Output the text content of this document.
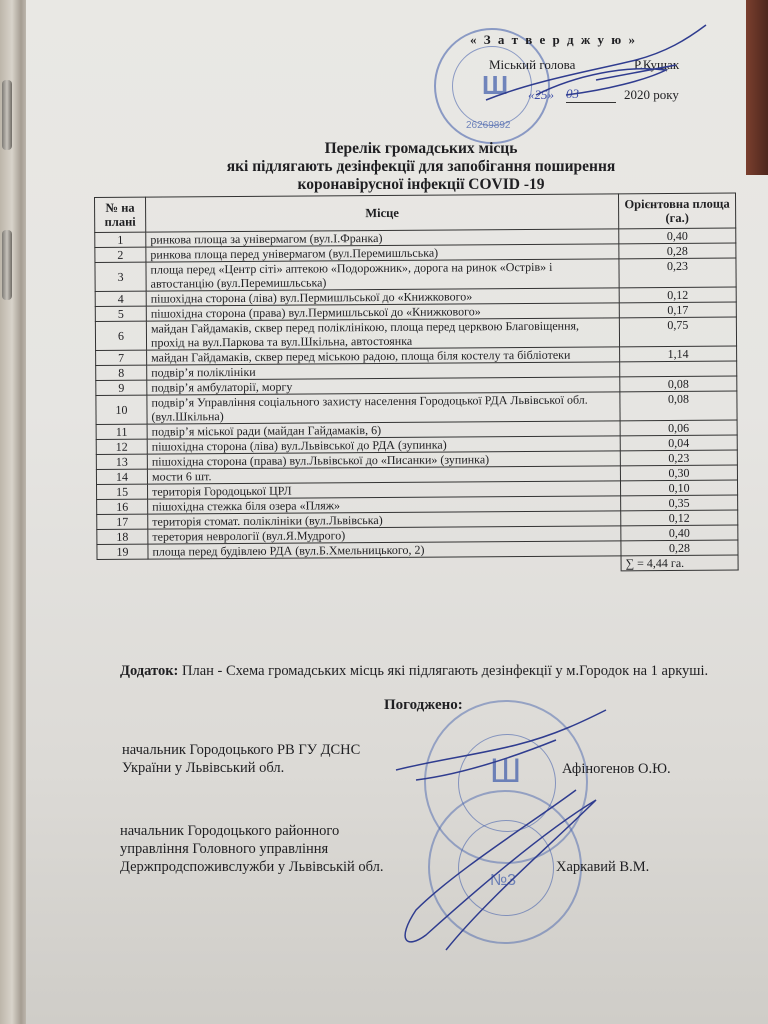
Ш
26269892
« З а т в е р д ж у ю »
Міський голова	Р.Кущак
«25» 03	2020 року
Перелік громадських місць
які підлягають дезінфекції для запобігання поширення
коронавірусної інфекції COVID -19
№ на плані	Місце	Орієнтовна площа (га.)
1	ринкова площа за універмагом (вул.І.Франка)	0,40
2	ринкова площа перед універмагом (вул.Перемишльська)	0,28
3	площа перед «Центр сіті» аптекою «Подорожник», дорога на ринок «Острів» і автостанцію (вул.Перемишльська)	0,23
4	пішохідна сторона (ліва) вул.Пермишльської до «Книжкового»	0,12
5	пішохідна сторона (права) вул.Пермишльської до «Книжкового»	0,17
6	майдан Гайдамаків, сквер перед поліклінікою, площа перед церквою Благовіщення, прохід на вул.Паркова та вул.Шкільна, автостоянка	0,75
7	майдан Гайдамаків, сквер перед міською радою, площа біля костелу та бібліотеки	1,14
8	подвір’я поліклініки	
9	подвір’я амбулаторії, моргу	0,08
10	подвір’я Управління соціального захисту населення Городоцької РДА Львівської обл. (вул.Шкільна)	0,08
11	подвір’я міської ради (майдан Гайдамаків, 6)	0,06
12	пішохідна сторона (ліва) вул.Львівської до РДА (зупинка)	0,04
13	пішохідна сторона (права) вул.Львівської до «Писанки» (зупинка)	0,23
14	мости 6 шт.	0,30
15	територія Городоцької ЦРЛ	0,10
16	пішохідна стежка біля озера «Пляж»	0,35
17	територія стомат. поліклініки (вул.Львівська)	0,12
18	теретория неврології (вул.Я.Мудрого)	0,40
19	площа перед будівлею РДА (вул.Б.Хмельницького, 2)	0,28
		∑ = 4,44 га.
Додаток: План - Схема громадських місць які підлягають дезінфекції у м.Городок на 1 аркуші.
Погоджено:
Ш
№3
начальник Городоцького РВ ГУ ДСНС
України у Львівський обл.	Афіногенов О.Ю.
начальник Городоцького районного
управління Головного управління
Держпродспоживслужби у Львівській обл.	Харкавий В.М.
